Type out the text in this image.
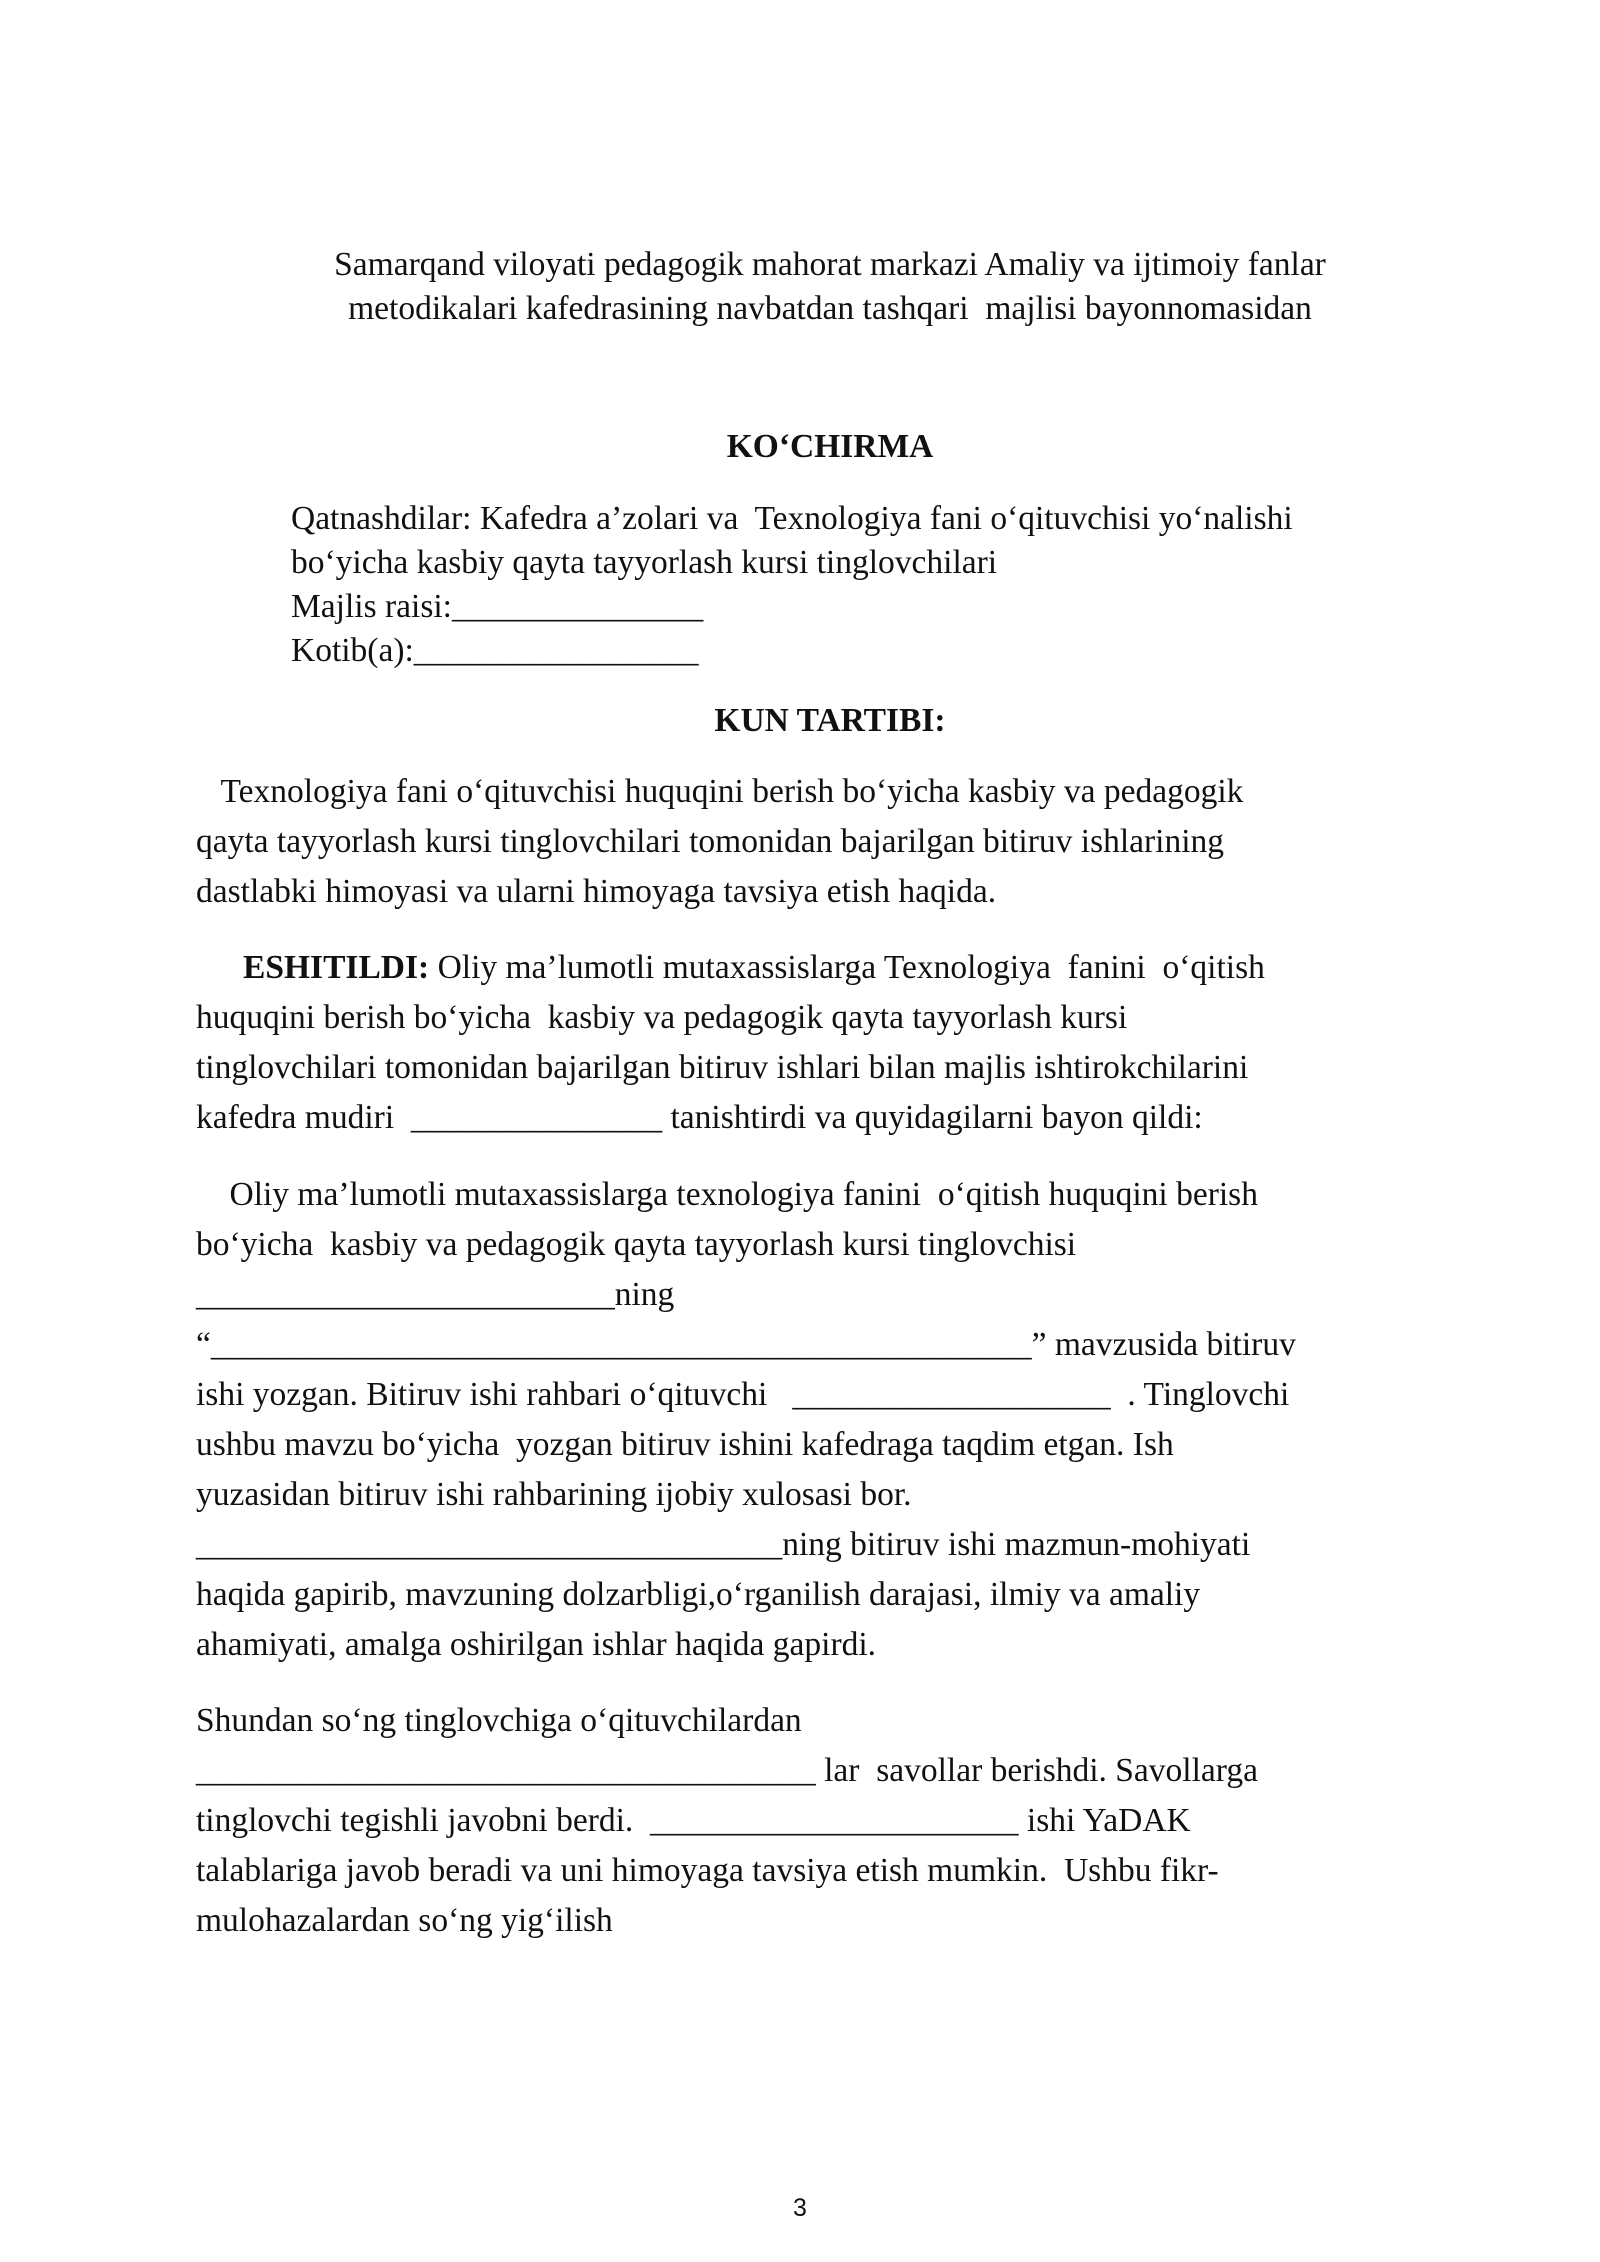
Samarqand viloyati pedagogik mahorat markazi Amaliy va ijtimoiy fanlar
metodikalari kafedrasining navbatdan tashqari  majlisi bayonnomasidan
KO‘CHIRMA
Qatnashdilar: Kafedra a’zolari va  Texnologiya fani o‘qituvchisi yo‘nalishi
bo‘yicha kasbiy qayta tayyorlash kursi tinglovchilari
Majlis raisi:_______________
Kotib(a):_________________
KUN TARTIBI:
Texnologiya fani o‘qituvchisi huquqini berish bo‘yicha kasbiy va pedagogik
qayta tayyorlash kursi tinglovchilari tomonidan bajarilgan bitiruv ishlarining
dastlabki himoyasi va ularni himoyaga tavsiya etish haqida.
ESHITILDI: Oliy ma’lumotli mutaxassislarga Texnologiya  fanini  o‘qitish
huquqini berish bo‘yicha  kasbiy va pedagogik qayta tayyorlash kursi
tinglovchilari tomonidan bajarilgan bitiruv ishlari bilan majlis ishtirokchilarini
kafedra mudiri  _______________ tanishtirdi va quyidagilarni bayon qildi:
Oliy ma’lumotli mutaxassislarga texnologiya fanini  o‘qitish huquqini berish
bo‘yicha  kasbiy va pedagogik qayta tayyorlash kursi tinglovchisi
_________________________ning
“_________________________________________________” mavzusida bitiruv
ishi yozgan. Bitiruv ishi rahbari o‘qituvchi   ___________________  . Tinglovchi
ushbu mavzu bo‘yicha  yozgan bitiruv ishini kafedraga taqdim etgan. Ish
yuzasidan bitiruv ishi rahbarining ijobiy xulosasi bor.
___________________________________ning bitiruv ishi mazmun-mohiyati
haqida gapirib, mavzuning dolzarbligi,o‘rganilish darajasi, ilmiy va amaliy
ahamiyati, amalga oshirilgan ishlar haqida gapirdi.
Shundan so‘ng tinglovchiga o‘qituvchilardan
_____________________________________ lar  savollar berishdi. Savollarga
tinglovchi tegishli javobni berdi.  ______________________ ishi YaDAK
talablariga javob beradi va uni himoyaga tavsiya etish mumkin.  Ushbu fikr-
mulohazalardan so‘ng yig‘ilish
3
